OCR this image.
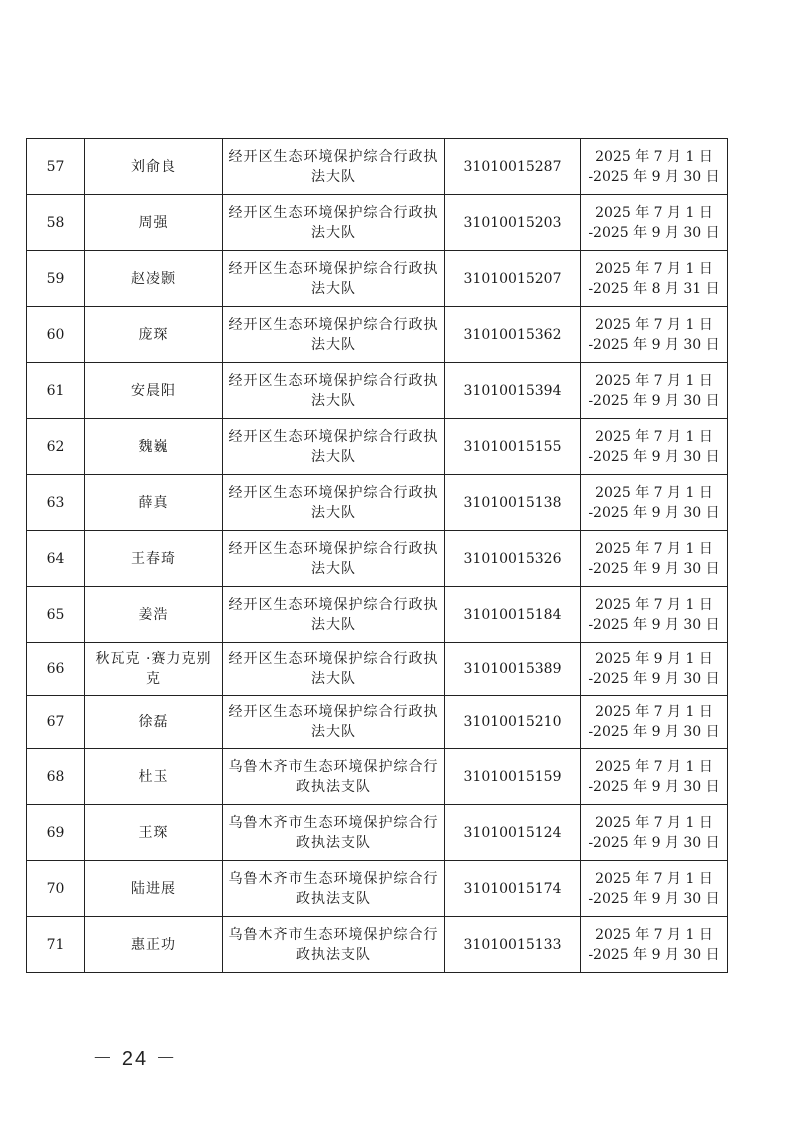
57	刘俞良	经开区生态环境保护综合行政执法大队	31010015287	2025 年 7 月 1 日
-2025 年 9 月 30 日

58	周强	经开区生态环境保护综合行政执法大队	31010015203	2025 年 7 月 1 日
-2025 年 9 月 30 日

59	赵凌颢	经开区生态环境保护综合行政执法大队	31010015207	2025 年 7 月 1 日
-2025 年 8 月 31 日

60	庞琛	经开区生态环境保护综合行政执法大队	31010015362	2025 年 7 月 1 日
-2025 年 9 月 30 日

61	安晨阳	经开区生态环境保护综合行政执法大队	31010015394	2025 年 7 月 1 日
-2025 年 9 月 30 日

62	魏巍	经开区生态环境保护综合行政执法大队	31010015155	2025 年 7 月 1 日
-2025 年 9 月 30 日

63	薛真	经开区生态环境保护综合行政执法大队	31010015138	2025 年 7 月 1 日
-2025 年 9 月 30 日

64	王春琦	经开区生态环境保护综合行政执法大队	31010015326	2025 年 7 月 1 日
-2025 年 9 月 30 日

65	姜浩	经开区生态环境保护综合行政执法大队	31010015184	2025 年 7 月 1 日
-2025 年 9 月 30 日

66	秋瓦克 ·赛力克别克	经开区生态环境保护综合行政执法大队	31010015389	2025 年 9 月 1 日
-2025 年 9 月 30 日

67	徐磊	经开区生态环境保护综合行政执法大队	31010015210	2025 年 7 月 1 日
-2025 年 9 月 30 日

68	杜玉	乌鲁木齐市生态环境保护综合行政执法支队	31010015159	2025 年 7 月 1 日
-2025 年 9 月 30 日

69	王琛	乌鲁木齐市生态环境保护综合行政执法支队	31010015124	2025 年 7 月 1 日
-2025 年 9 月 30 日

70	陆进展	乌鲁木齐市生态环境保护综合行政执法支队	31010015174	2025 年 7 月 1 日
-2025 年 9 月 30 日

71	惠正功	乌鲁木齐市生态环境保护综合行政执法支队	31010015133	2025 年 7 月 1 日
-2025 年 9 月 30 日
－ 24 －
